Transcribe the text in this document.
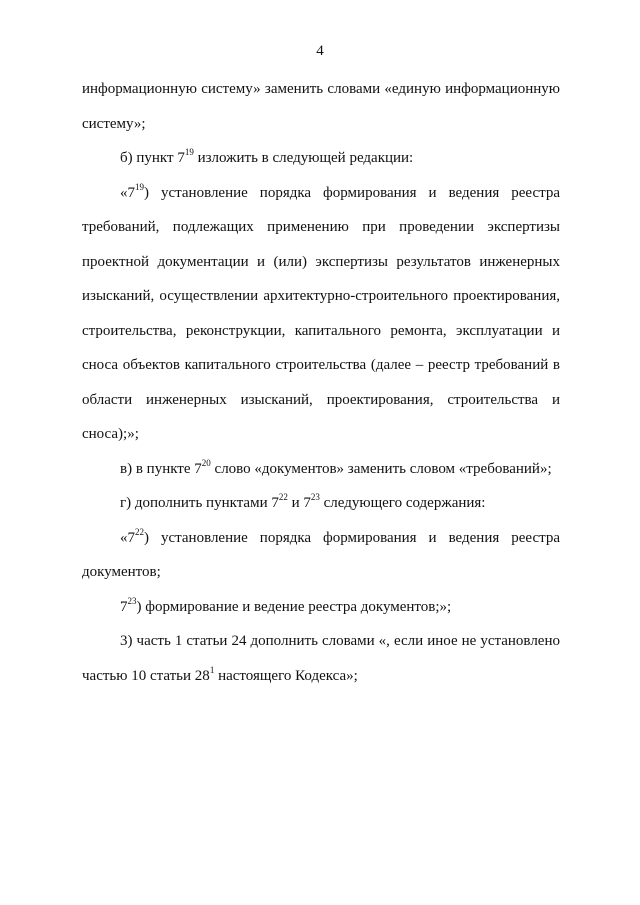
4

информационную систему» заменить словами «единую информационную систему»;

б) пункт $7^{19}$ изложить в следующей редакции:

«$7^{19}$) установление порядка формирования и ведения реестра требований, подлежащих применению при проведении экспертизы проектной документации и (или) экспертизы результатов инженерных изысканий, осуществлении архитектурно-строительного проектирования, строительства, реконструкции, капитального ремонта, эксплуатации и сноса объектов капитального строительства (далее – реестр требований в области инженерных изысканий, проектирования, строительства и сноса);»;

в) в пункте $7^{20}$ слово «документов» заменить словом «требований»;

г) дополнить пунктами $7^{22}$ и $7^{23}$ следующего содержания:

«$7^{22}$) установление порядка формирования и ведения реестра документов;

$7^{23}$) формирование и ведение реестра документов;»;

3) часть 1 статьи 24 дополнить словами «, если иное не установлено частью 10 статьи $28^1$ настоящего Кодекса»;
